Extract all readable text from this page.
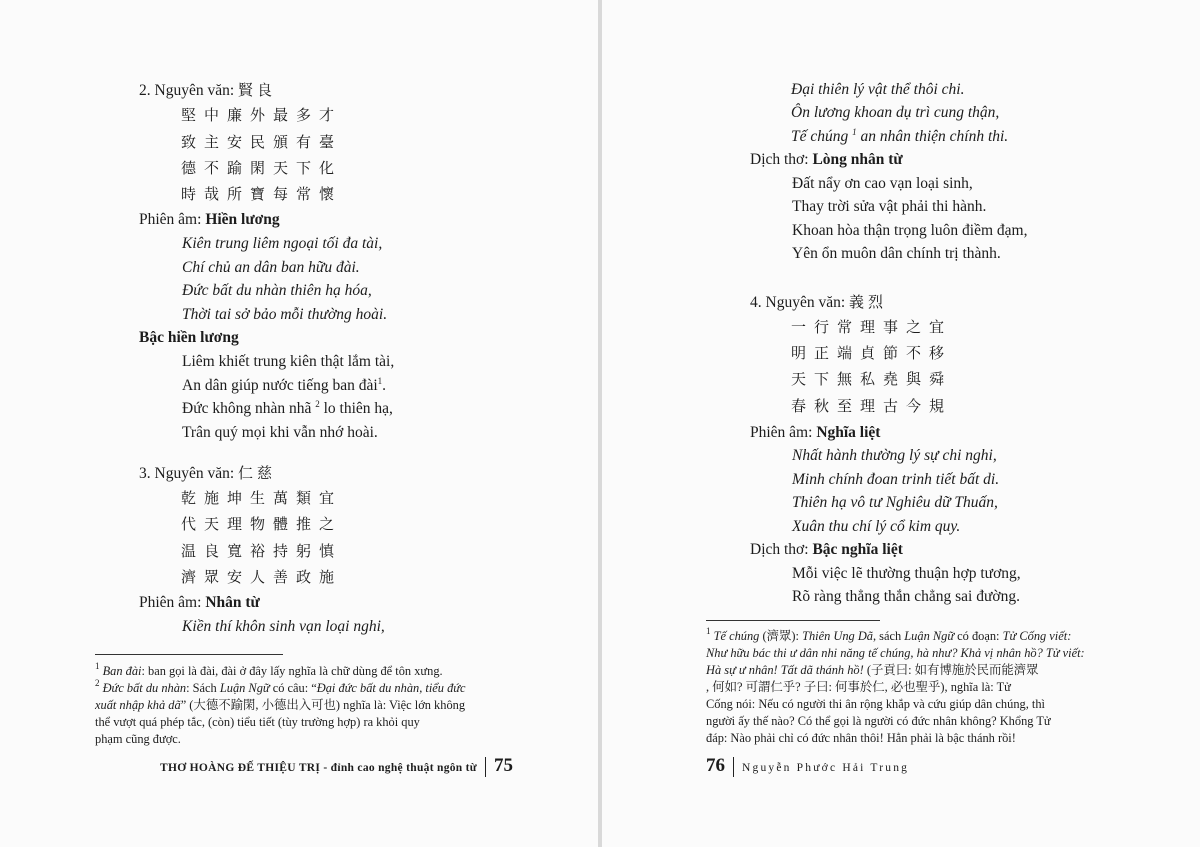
2. Nguyên văn: 賢良
堅中廉外最多才
致主安民頒有臺
德不踰閑天下化
時哉所寶每常懷
Phiên âm: Hiền lương
Kiên trung liêm ngoại tối đa tài,
Chí chủ an dân ban hữu đài.
Đức bất du nhàn thiên hạ hóa,
Thời tai sở bảo mỗi thường hoài.
Bậc hiền lương
Liêm khiết trung kiên thật lắm tài,
An dân giúp nước tiếng ban đài$^1$.
Đức không nhàn nhã $^2$ lo thiên hạ,
Trân quý mọi khi vẫn nhớ hoài.
3. Nguyên văn: 仁慈
乾施坤生萬類宜
代天理物體推之
温良寬裕持躬慎
濟眾安人善政施
Phiên âm: Nhân từ
Kiền thí khôn sinh vạn loại nghi,
$^1$ Ban đài: ban gọi là đài, đài ở đây lấy nghĩa là chữ dùng để tôn xưng.
$^2$ Đức bất du nhàn: Sách Luận Ngữ có câu: “Đại đức bất du nhàn, tiểu đức
xuất nhập khả dã” (大德不踰閑, 小德出入可也) nghĩa là: Việc lớn không
thể vượt quá phép tắc, (còn) tiểu tiết (tùy trường hợp) ra khỏi quy
phạm cũng được.
THƠ HOÀNG ĐẾ THIỆU TRỊ - đỉnh cao nghệ thuật ngôn từ 75
Đại thiên lý vật thể thôi chi.
Ôn lương khoan dụ trì cung thận,
Tế chúng $^1$ an nhân thiện chính thi.
Dịch thơ: Lòng nhân từ
Đất nẩy ơn cao vạn loại sinh,
Thay trời sửa vật phải thi hành.
Khoan hòa thận trọng luôn điềm đạm,
Yên ổn muôn dân chính trị thành.
4. Nguyên văn: 義烈
一行常理事之宜
明正端貞節不移
天下無私堯與舜
春秋至理古今規
Phiên âm: Nghĩa liệt
Nhất hành thường lý sự chi nghi,
Minh chính đoan trinh tiết bất di.
Thiên hạ vô tư Nghiêu dữ Thuấn,
Xuân thu chí lý cổ kim quy.
Dịch thơ: Bậc nghĩa liệt
Mỗi việc lẽ thường thuận hợp tương,
Rõ ràng thẳng thắn chẳng sai đường.
$^1$ Tế chúng (濟眾): Thiên Ung Dã, sách Luận Ngữ có đoạn: Tử Cống viết:
Như hữu bác thi ư dân nhi năng tế chúng, hà như? Khả vị nhân hồ? Tử viết:
Hà sự ư nhân! Tất dã thánh hồ! (子貢曰: 如有博施於民而能濟眾
, 何如? 可謂仁乎? 子曰: 何事於仁, 必也聖乎), nghĩa là: Tử
Cống nói: Nếu có người thi ân rộng khắp và cứu giúp dân chúng, thì
người ấy thế nào? Có thể gọi là người có đức nhân không? Khổng Tử
đáp: Nào phải chỉ có đức nhân thôi! Hẳn phải là bậc thánh rồi!
76 Nguyễn Phước Hải Trung
